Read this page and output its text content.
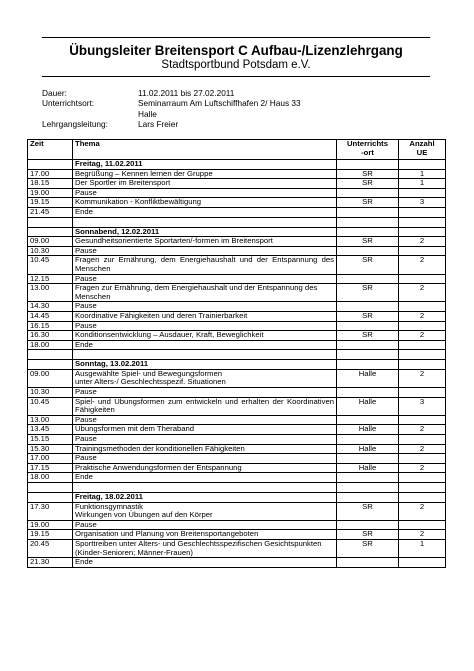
Übungsleiter Breitensport C Aufbau-/Lizenzlehrgang
Stadtsportbund Potsdam e.V.
Dauer:	11.02.2011 bis 27.02.2011
Unterrichtsort:	Seminarraum Am Luftschiffhafen 2/ Haus 33
Halle
Lehrgangsleitung:	Lars Freier
Zeit	Thema	Unterrichts
-ort	Anzahl
UE
	Freitag, 11.02.2011		
17.00	Begrüßung – Kennen lernen der Gruppe	SR	1
18.15	Der Sportler im Breitensport	SR	1
19.00	Pause		
19.15	Kommunikation - Konfliktbewältigung	SR	3
21.45	Ende		

	Sonnabend, 12.02.2011		
09.00	Gesundheitsorientierte Sportarten/-formen im Breitensport	SR	2
10.30	Pause		
10.45	Fragen zur Ernährung, dem Energiehaushalt und der Entspannung des Menschen	SR	2
12.15	Pause		
13.00	Fragen zur Ernährung, dem Energiehaushalt und der Entspannung des Menschen	SR	2
14.30	Pause		
14.45	Koordinative Fähigkeiten und deren Trainierbarkeit	SR	2
16.15	Pause		
16.30	Konditionsentwicklung – Ausdauer, Kraft, Beweglichkeit	SR	2
18.00	Ende		

	Sonntag, 13.02.2011		
09.00	Ausgewählte Spiel- und Bewegungsformen
unter Alters-/ Geschlechtsspezif. Situationen	Halle	2
10.30	Pause		
10.45	Spiel- und Übungsformen zum entwickeln und erhalten der Koordinativen Fähigkeiten	Halle	3
13.00	Pause		
13.45	Übungsformen mit dem Theraband	Halle	2
15.15	Pause		
15.30	Trainingsmethoden der konditionellen Fähigkeiten	Halle	2
17.00	Pause		
17.15	Praktische Anwendungsformen der Entspannung	Halle	2
18.00	Ende		

	Freitag, 18.02.2011		
17.30	Funktionsgymnastik
Wirkungen von Übungen auf den Körper	SR	2
19.00	Pause		
19.15	Organisation und Planung von Breitensportangeboten	SR	2
20.45	Sporttreiben unter Alters- und Geschlechtsspezifischen Gesichtspunkten
(Kinder-Senioren; Männer-Frauen)	SR	1
21.30	Ende		
